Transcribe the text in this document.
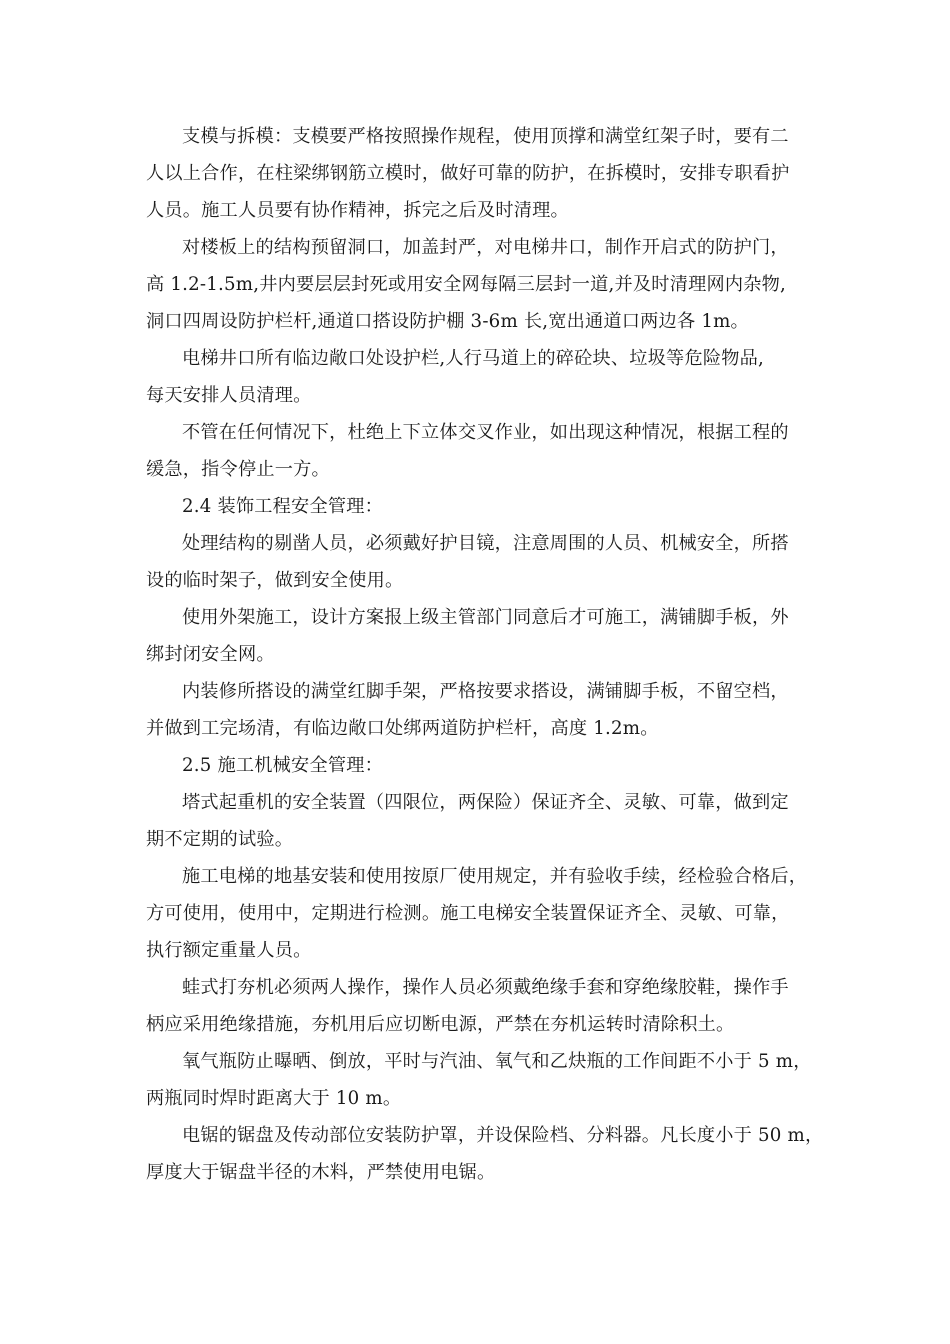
支模与拆模：支模要严格按照操作规程，使用顶撑和满堂红架子时，要有二
人以上合作，在柱梁绑钢筋立模时，做好可靠的防护，在拆模时，安排专职看护
人员。施工人员要有协作精神，拆完之后及时清理。
对楼板上的结构预留洞口，加盖封严，对电梯井口，制作开启式的防护门，
高 1.2-1.5m,井内要层层封死或用安全网每隔三层封一道,并及时清理网内杂物,
洞口四周设防护栏杆,通道口搭设防护棚 3-6m 长,宽出通道口两边各 1m。
电梯井口所有临边敞口处设护栏,人行马道上的碎砼块、垃圾等危险物品,
每天安排人员清理。
不管在任何情况下，杜绝上下立体交叉作业，如出现这种情况，根据工程的
缓急，指令停止一方。
2.4 装饰工程安全管理：
处理结构的剔凿人员，必须戴好护目镜，注意周围的人员、机械安全，所搭
设的临时架子，做到安全使用。
使用外架施工，设计方案报上级主管部门同意后才可施工，满铺脚手板，外
绑封闭安全网。
内装修所搭设的满堂红脚手架，严格按要求搭设，满铺脚手板，不留空档，
并做到工完场清，有临边敞口处绑两道防护栏杆，高度 1.2m。
2.5 施工机械安全管理：
塔式起重机的安全装置（四限位，两保险）保证齐全、灵敏、可靠，做到定
期不定期的试验。
施工电梯的地基安装和使用按原厂使用规定，并有验收手续，经检验合格后，
方可使用，使用中，定期进行检测。施工电梯安全装置保证齐全、灵敏、可靠，
执行额定重量人员。
蛙式打夯机必须两人操作，操作人员必须戴绝缘手套和穿绝缘胶鞋，操作手
柄应采用绝缘措施，夯机用后应切断电源，严禁在夯机运转时清除积土。
氧气瓶防止曝晒、倒放，平时与汽油、氧气和乙炔瓶的工作间距不小于 5 m，
两瓶同时焊时距离大于 10 m。
电锯的锯盘及传动部位安装防护罩，并设保险档、分料器。凡长度小于 50 m，
厚度大于锯盘半径的木料，严禁使用电锯。
